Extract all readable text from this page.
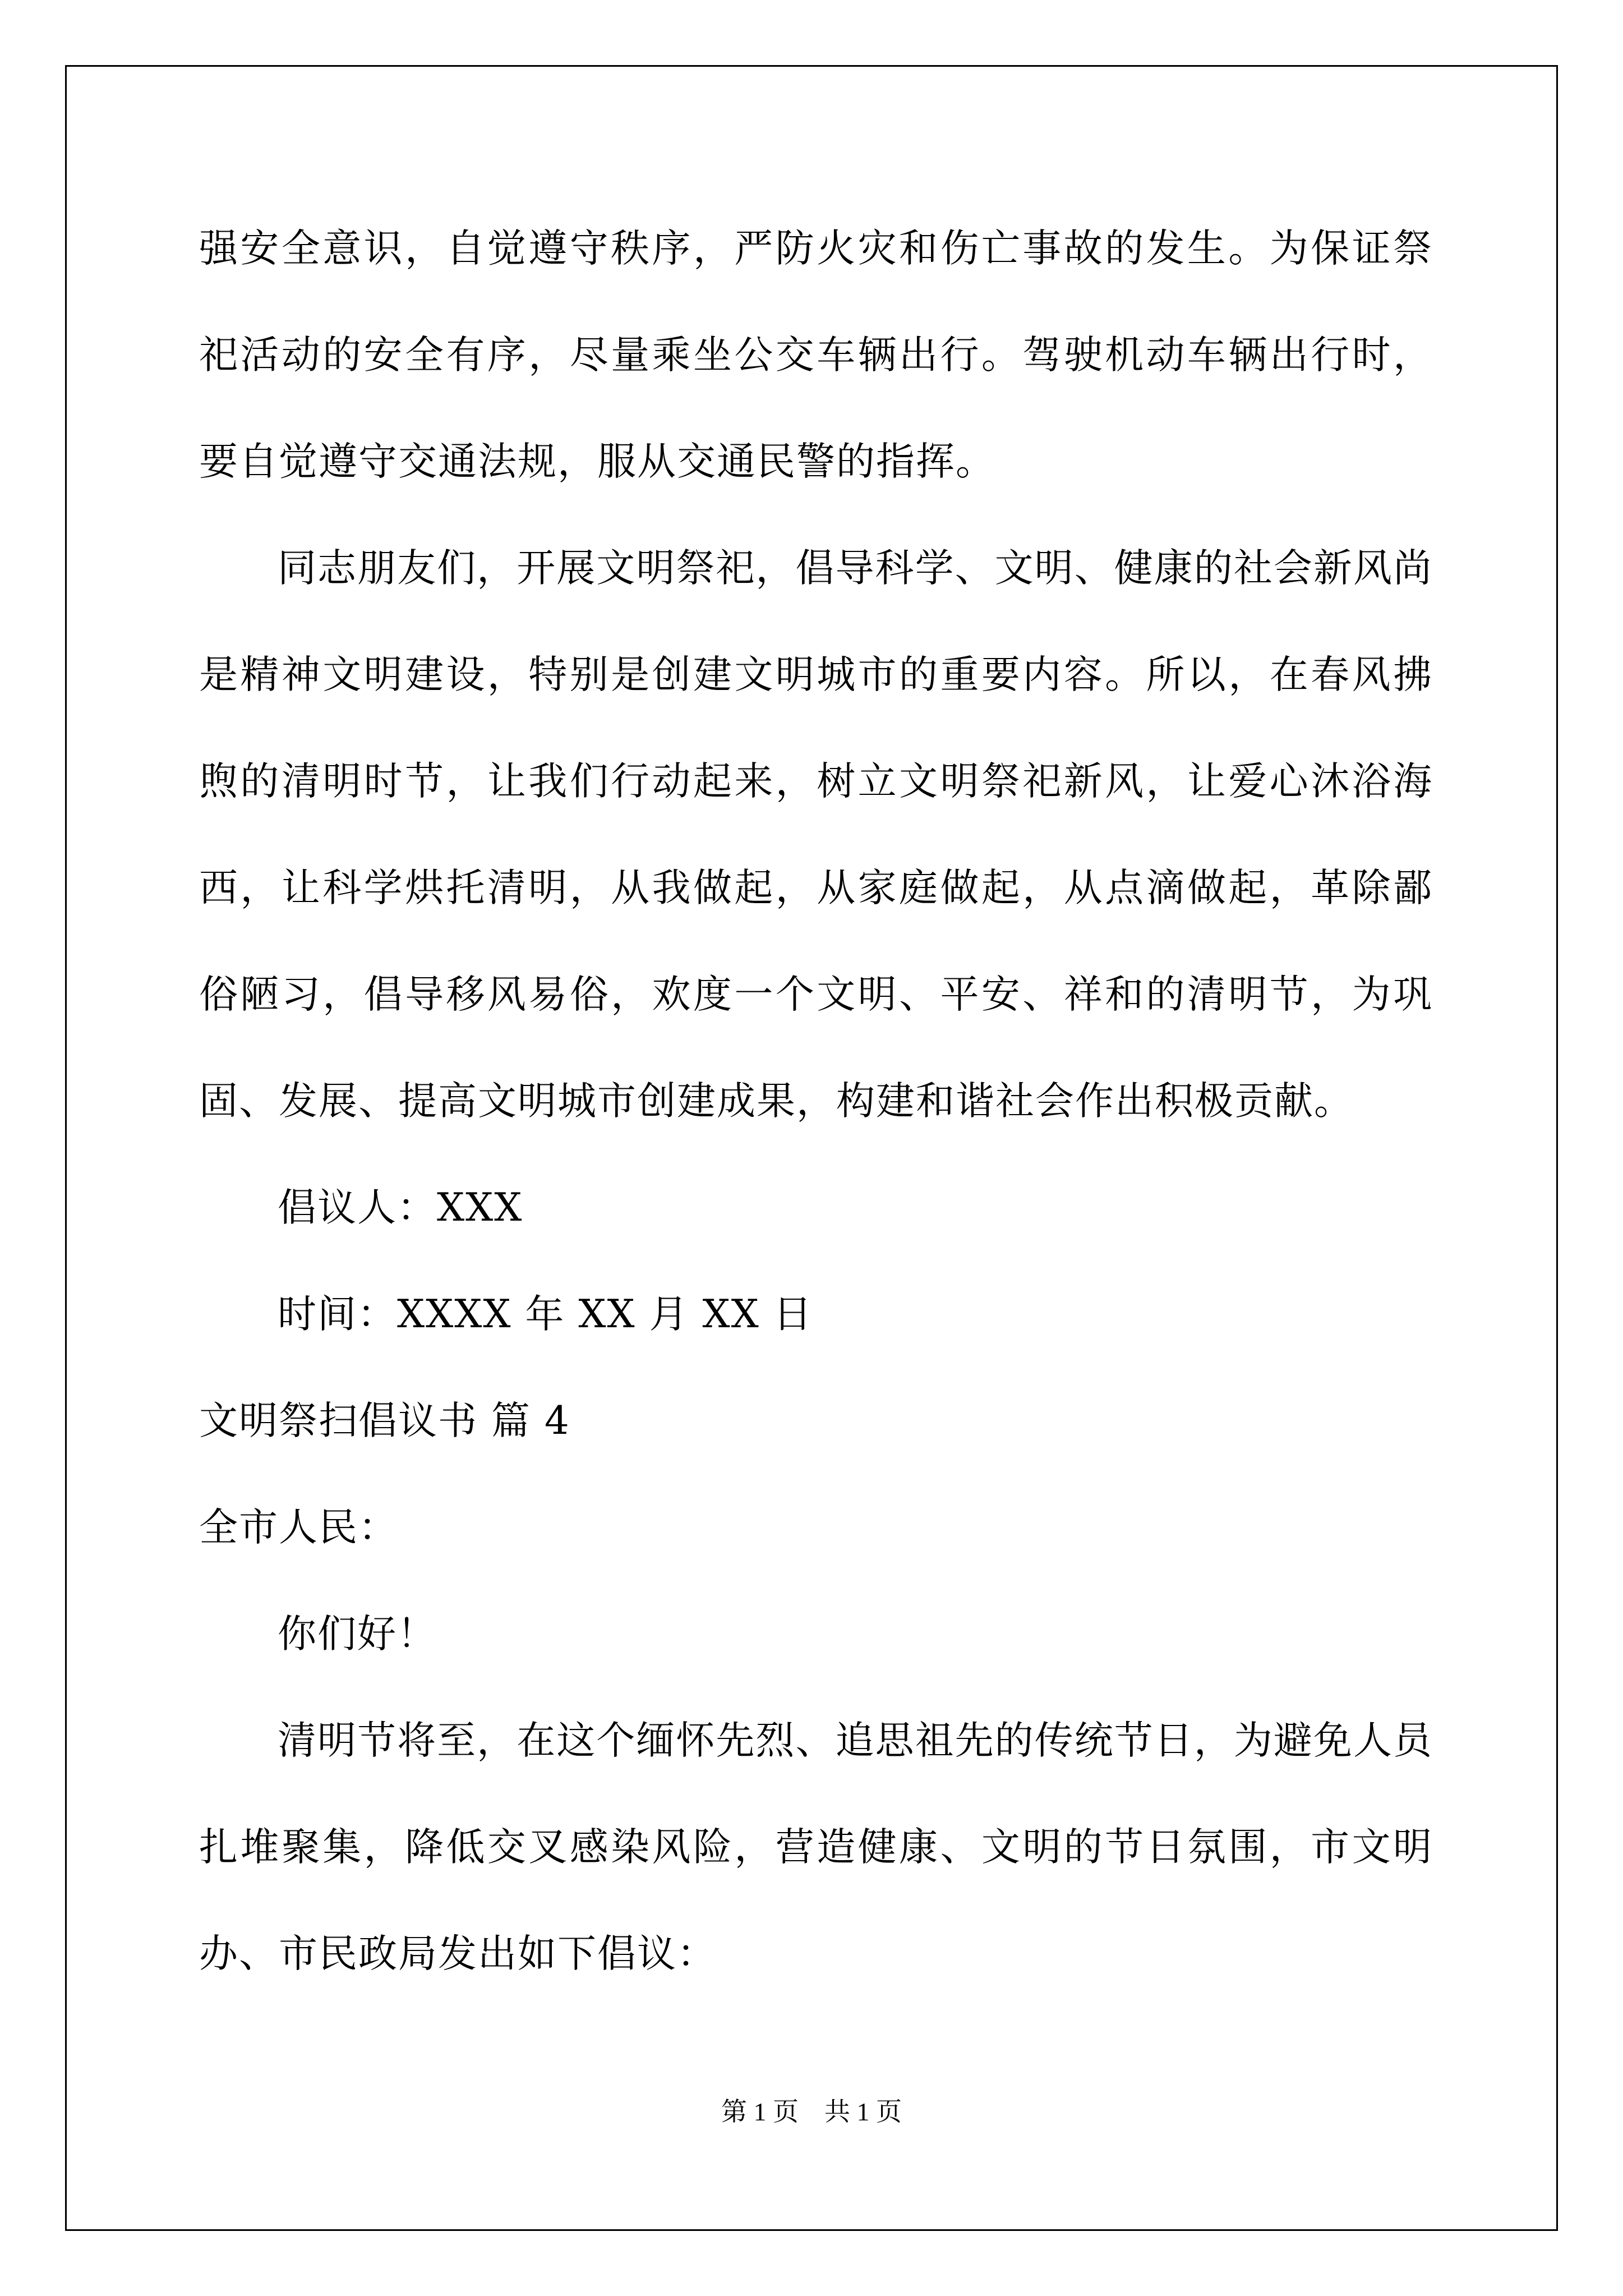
强安全意识，自觉遵守秩序，严防火灾和伤亡事故的发生。为保证祭祀活动的安全有序，尽量乘坐公交车辆出行。驾驶机动车辆出行时，要自觉遵守交通法规，服从交通民警的指挥。

同志朋友们，开展文明祭祀，倡导科学、文明、健康的社会新风尚是精神文明建设，特别是创建文明城市的重要内容。所以，在春风拂煦的清明时节，让我们行动起来，树立文明祭祀新风，让爱心沐浴海西，让科学烘托清明，从我做起，从家庭做起，从点滴做起，革除鄙俗陋习，倡导移风易俗，欢度一个文明、平安、祥和的清明节，为巩固、发展、提高文明城市创建成果，构建和谐社会作出积极贡献。

倡议人：XXX

时间：XXXX 年 XX 月 XX 日

文明祭扫倡议书 篇 4

全市人民：

你们好！

清明节将至，在这个缅怀先烈、追思祖先的传统节日，为避免人员扎堆聚集，降低交叉感染风险，营造健康、文明的节日氛围，市文明办、市民政局发出如下倡议：

第 1 页　共 1 页
